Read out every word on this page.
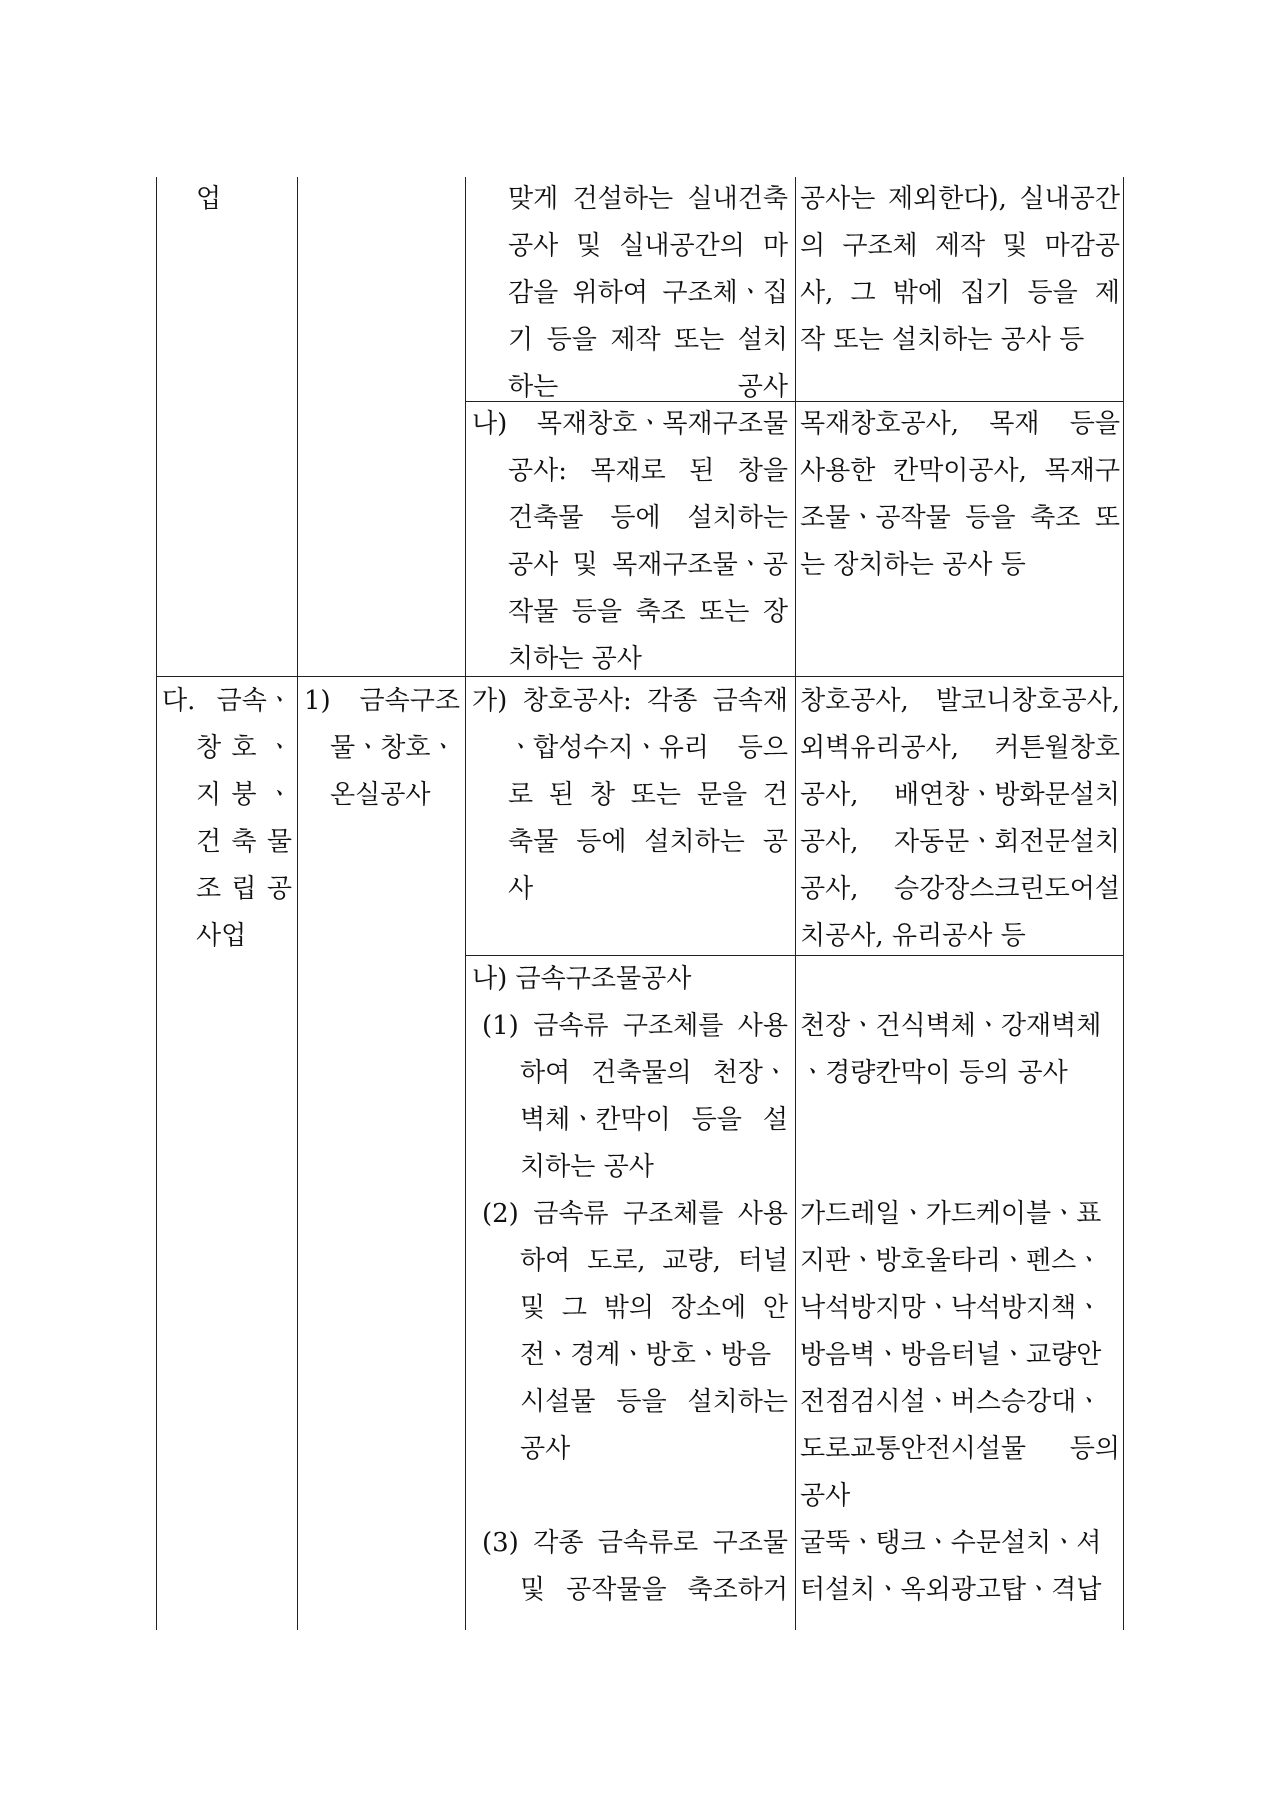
업	맞게 건설하는 실내건축
공사 및 실내공간의 마
감을 위하여 구조체ㆍ집
기 등을 제작 또는 설치
하는 공사
공사는 제외한다), 실내공간
의 구조체 제작 및 마감공
사, 그 밖에 집기 등을 제
작 또는 설치하는 공사 등
나) 목재창호ㆍ목재구조물
공사: 목재로 된 창을
건축물 등에 설치하는
공사 및 목재구조물ㆍ공
작물 등을 축조 또는 장
치하는 공사
목재창호공사, 목재 등을
사용한 칸막이공사, 목재구
조물ㆍ공작물 등을 축조 또
는 장치하는 공사 등
다. 금속ㆍ
창 호 ㆍ
지 붕 ㆍ
건 축 물
조 립 공
사업
1) 금속구조
물ㆍ창호ㆍ
온실공사
가) 창호공사: 각종 금속재
ㆍ합성수지ㆍ유리 등으
로 된 창 또는 문을 건
축물 등에 설치하는 공
사
창호공사, 발코니창호공사,
외벽유리공사, 커튼월창호
공사, 배연창ㆍ방화문설치
공사, 자동문ㆍ회전문설치
공사, 승강장스크린도어설
치공사, 유리공사 등
나) 금속구조물공사
(1) 금속류 구조체를 사용
하여 건축물의 천장ㆍ
벽체ㆍ칸막이 등을 설
치하는 공사
천장ㆍ건식벽체ㆍ강재벽체
ㆍ경량칸막이 등의 공사
(2) 금속류 구조체를 사용
하여 도로, 교량, 터널
및 그 밖의 장소에 안
전ㆍ경계ㆍ방호ㆍ방음
시설물 등을 설치하는
공사
가드레일ㆍ가드케이블ㆍ표
지판ㆍ방호울타리ㆍ펜스ㆍ
낙석방지망ㆍ낙석방지책ㆍ
방음벽ㆍ방음터널ㆍ교량안
전점검시설ㆍ버스승강대ㆍ
도로교통안전시설물 등의
공사
(3) 각종 금속류로 구조물
및 공작물을 축조하거
굴뚝ㆍ탱크ㆍ수문설치ㆍ셔
터설치ㆍ옥외광고탑ㆍ격납
